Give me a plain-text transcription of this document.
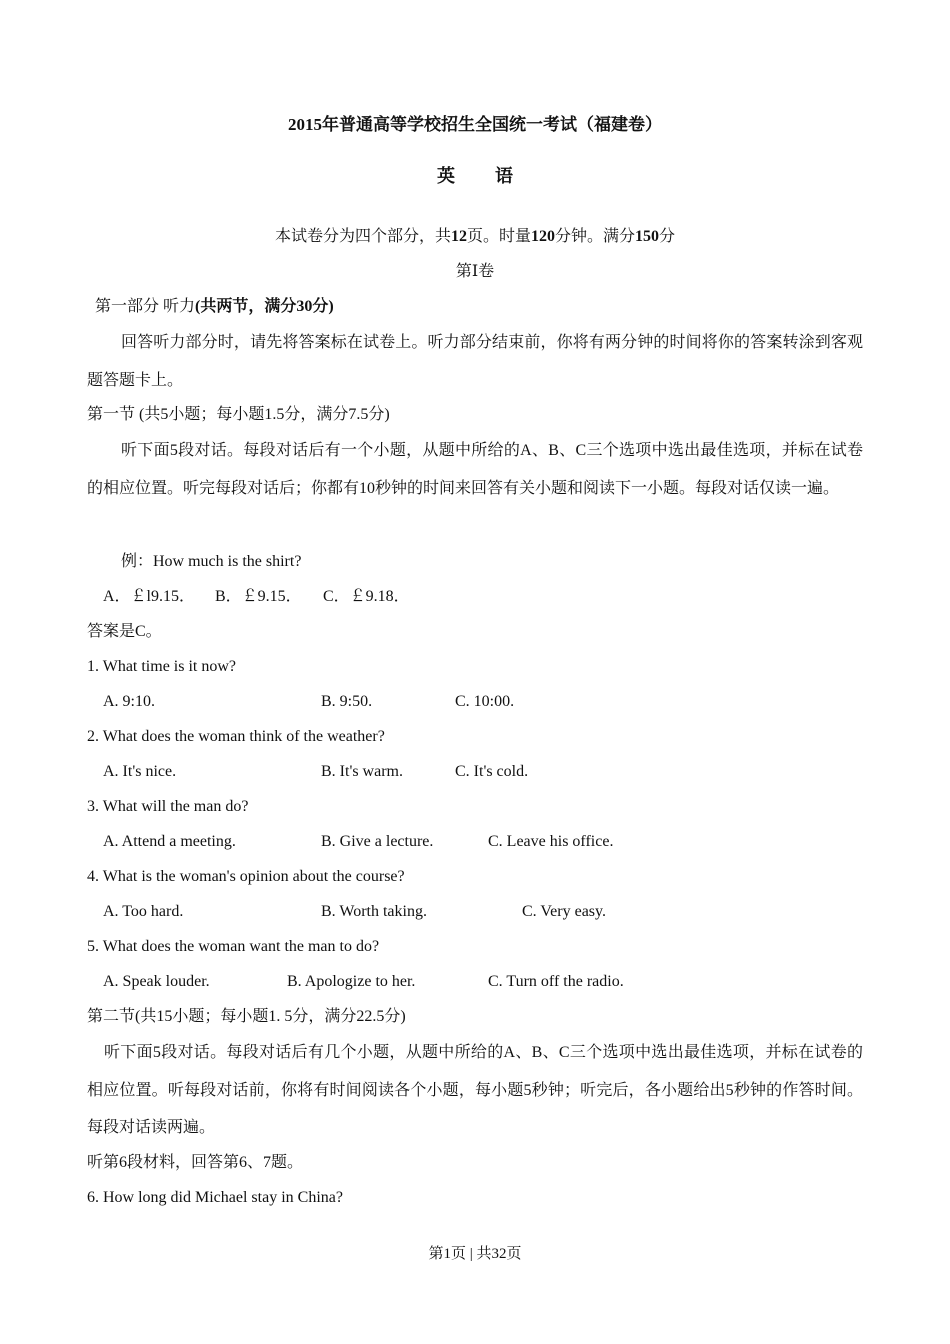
2015年普通高等学校招生全国统一考试（福建卷）
英语
本试卷分为四个部分，共12页。时量120分钟。满分150分
第Ⅰ卷
第一部分 听力(共两节，满分30分)
回答听力部分时，请先将答案标在试卷上。听力部分结束前，你将有两分钟的时间将你的答案转涂到客观题答题卡上。
第一节 (共5小题；每小题1.5分，满分7.5分)
听下面5段对话。每段对话后有一个小题，从题中所给的A、B、C三个选项中选出最佳选项，并标在试卷的相应位置。听完每段对话后；你都有10秒钟的时间来回答有关小题和阅读下一小题。每段对话仅读一遍。
例：How much is the shirt?
A．￡l9.15． B．￡9.15． C．￡9.18．
答案是C。
1. What time is it now?
A. 9:10.	B. 9:50.	C. 10:00.
2. What does the woman think of the weather?
A. It's nice.	B. It's warm.	C. It's cold.
3. What will the man do?
A. Attend a meeting.	B. Give a lecture.	C. Leave his office.
4. What is the woman's opinion about the course?
A. Too hard.	B. Worth taking.	C. Very easy.
5. What does the woman want the man to do?
A. Speak louder.	B. Apologize to her.	C. Turn off the radio.
第二节(共15小题；每小题1. 5分，满分22.5分)
听下面5段对话。每段对话后有几个小题，从题中所给的A、B、C三个选项中选出最佳选项，并标在试卷的相应位置。听每段对话前，你将有时间阅读各个小题，每小题5秒钟；听完后，各小题给出5秒钟的作答时间。每段对话读两遍。
听第6段材料，回答第6、7题。
6. How long did Michael stay in China?
第1页 | 共32页
